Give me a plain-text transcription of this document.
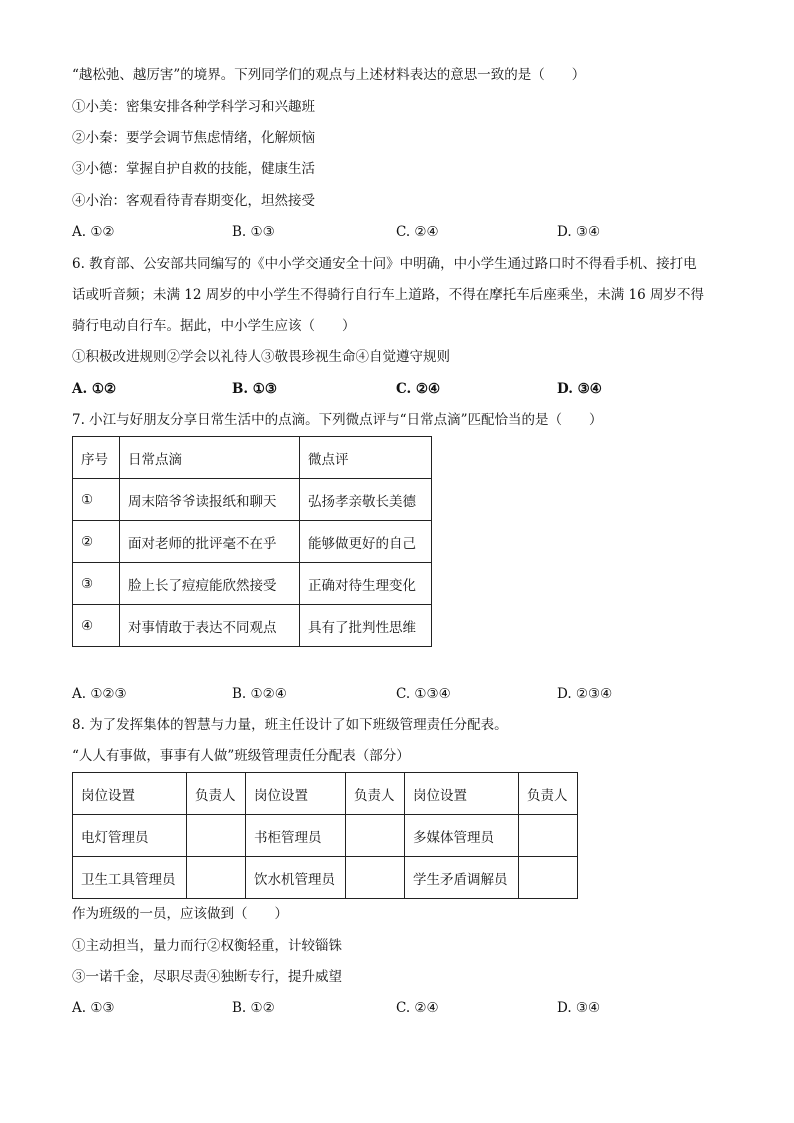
“越松弛、越厉害”的境界。下列同学们的观点与上述材料表达的意思一致的是（　　）
①小美：密集安排各种学科学习和兴趣班
②小秦：要学会调节焦虑情绪，化解烦恼
③小德：掌握自护自救的技能，健康生活
④小治：客观看待青春期变化，坦然接受
A. ①②	B. ①③	C. ②④	D. ③④
6. 教育部、公安部共同编写的《中小学交通安全十问》中明确，中小学生通过路口时不得看手机、接打电
话或听音频；未满 12 周岁的中小学生不得骑行自行车上道路，不得在摩托车后座乘坐，未满 16 周岁不得
骑行电动自行车。据此，中小学生应该（　　）
①积极改进规则②学会以礼待人③敬畏珍视生命④自觉遵守规则
A. ①②	B. ①③	C. ②④	D. ③④
7. 小江与好朋友分享日常生活中的点滴。下列微点评与“日常点滴”匹配恰当的是（　　）
序号	日常点滴	微点评
①	周末陪爷爷读报纸和聊天	弘扬孝亲敬长美德
②	面对老师的批评毫不在乎	能够做更好的自己
③	脸上长了痘痘能欣然接受	正确对待生理变化
④	对事情敢于表达不同观点	具有了批判性思维
A. ①②③	B. ①②④	C. ①③④	D. ②③④
8. 为了发挥集体的智慧与力量，班主任设计了如下班级管理责任分配表。
“人人有事做，事事有人做”班级管理责任分配表（部分）
岗位设置	负责人	岗位设置	负责人	岗位设置	负责人
电灯管理员		书柜管理员		多媒体管理员	
卫生工具管理员		饮水机管理员		学生矛盾调解员	
作为班级的一员，应该做到（　　）
①主动担当，量力而行②权衡轻重，计较锱铢
③一诺千金，尽职尽责④独断专行，提升威望
A. ①③	B. ①②	C. ②④	D. ③④
